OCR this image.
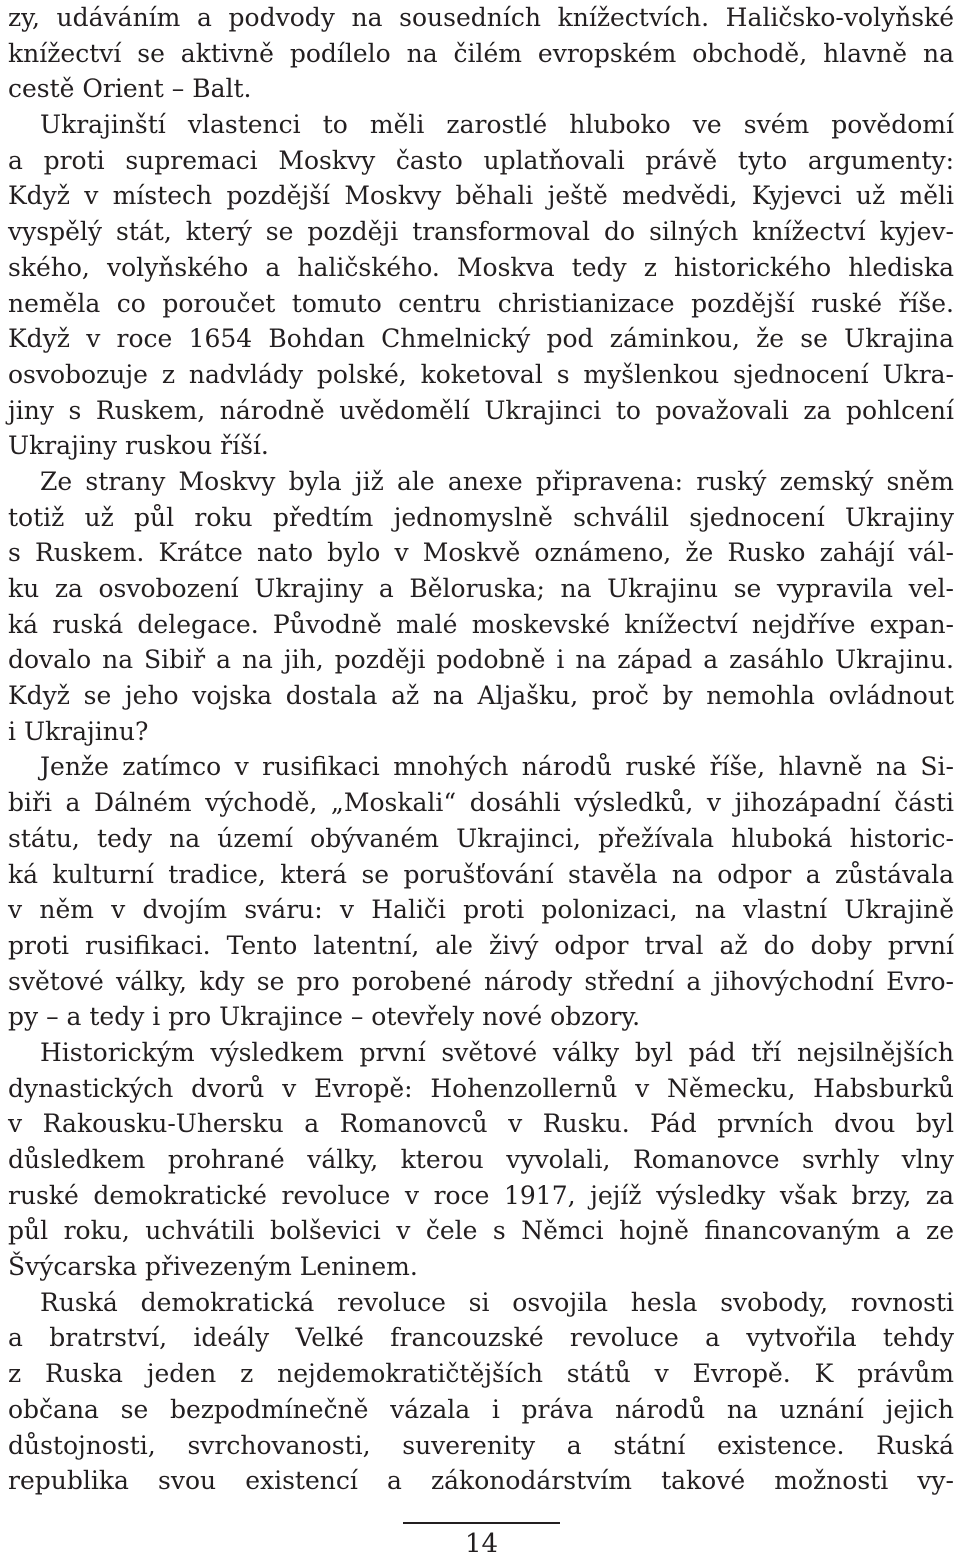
zy, udáváním a podvody na sousedních knížectvích. Haličsko-volyňské
knížectví se aktivně podílelo na čilém evropském obchodě, hlavně na
cestě Orient – Balt.
Ukrajinští vlastenci to měli zarostlé hluboko ve svém povědomí
a proti supremaci Moskvy často uplatňovali právě tyto argumenty:
Když v místech pozdější Moskvy běhali ještě medvědi, Kyjevci už měli
vyspělý stát, který se později transformoval do silných knížectví kyjev-
ského, volyňského a haličského. Moskva tedy z historického hlediska
neměla co poroučet tomuto centru christianizace pozdější ruské říše.
Když v roce 1654 Bohdan Chmelnický pod záminkou, že se Ukrajina
osvobozuje z nadvlády polské, koketoval s myšlenkou sjednocení Ukra-
jiny s Ruskem, národně uvědomělí Ukrajinci to považovali za pohlcení
Ukrajiny ruskou říší.
Ze strany Moskvy byla již ale anexe připravena: ruský zemský sněm
totiž už půl roku předtím jednomyslně schválil sjednocení Ukrajiny
s Ruskem. Krátce nato bylo v Moskvě oznámeno, že Rusko zahájí vál-
ku za osvobození Ukrajiny a Běloruska; na Ukrajinu se vypravila vel-
ká ruská delegace. Původně malé moskevské knížectví nejdříve expan-
dovalo na Sibiř a na jih, později podobně i na západ a zasáhlo Ukrajinu.
Když se jeho vojska dostala až na Aljašku, proč by nemohla ovládnout
i Ukrajinu?
Jenže zatímco v rusifikaci mnohých národů ruské říše, hlavně na Si-
biři a Dálném východě, „Moskali“ dosáhli výsledků, v jihozápadní části
státu, tedy na území obývaném Ukrajinci, přežívala hluboká historic-
ká kulturní tradice, která se porušťování stavěla na odpor a zůstávala
v něm v dvojím sváru: v Haliči proti polonizaci, na vlastní Ukrajině
proti rusifikaci. Tento latentní, ale živý odpor trval až do doby první
světové války, kdy se pro porobené národy střední a jihovýchodní Evro-
py – a tedy i pro Ukrajince – otevřely nové obzory.
Historickým výsledkem první světové války byl pád tří nejsilnějších
dynastických dvorů v Evropě: Hohenzollernů v Německu, Habsburků
v Rakousku-Uhersku a Romanovců v Rusku. Pád prvních dvou byl
důsledkem prohrané války, kterou vyvolali, Romanovce svrhly vlny
ruské demokratické revoluce v roce 1917, jejíž výsledky však brzy, za
půl roku, uchvátili bolševici v čele s Němci hojně financovaným a ze
Švýcarska přivezeným Leninem.
Ruská demokratická revoluce si osvojila hesla svobody, rovnosti
a bratrství, ideály Velké francouzské revoluce a vytvořila tehdy
z Ruska jeden z nejdemokratičtějších států v Evropě. K právům
občana se bezpodmínečně vázala i práva národů na uznání jejich
důstojnosti, svrchovanosti, suverenity a státní existence. Ruská
republika svou existencí a zákonodárstvím takové možnosti vy-
14
